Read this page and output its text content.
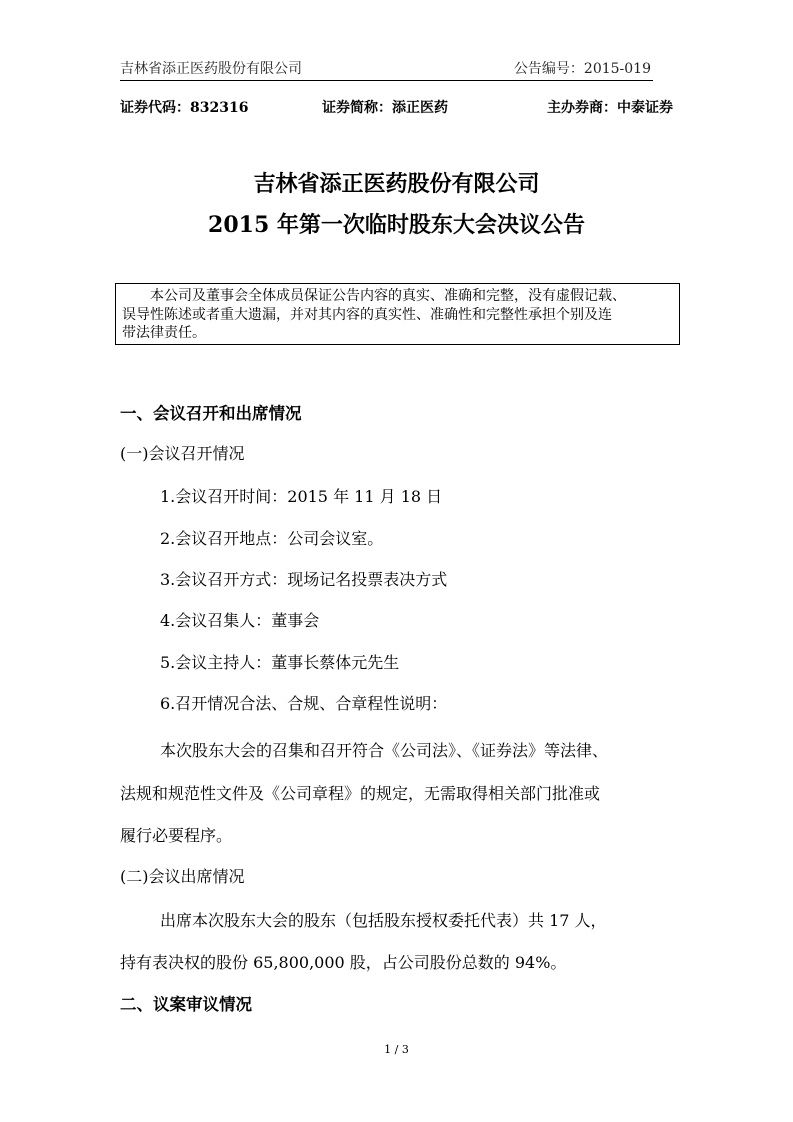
吉林省添正医药股份有限公司	公告编号：2015-019
证券代码：832316	证券简称：添正医药	主办券商：中泰证券
吉林省添正医药股份有限公司
2015 年第一次临时股东大会决议公告
　　本公司及董事会全体成员保证公告内容的真实、准确和完整，没有虚假记载、
误导性陈述或者重大遗漏，并对其内容的真实性、准确性和完整性承担个别及连
带法律责任。
一、会议召开和出席情况
(一)会议召开情况
1.会议召开时间：2015 年 11 月 18 日
2.会议召开地点：公司会议室。
3.会议召开方式：现场记名投票表决方式
4.会议召集人：董事会
5.会议主持人：董事长蔡体元先生
6.召开情况合法、合规、合章程性说明：
本次股东大会的召集和召开符合《公司法》、《证券法》等法律、
法规和规范性文件及《公司章程》的规定，无需取得相关部门批准或
履行必要程序。
(二)会议出席情况
出席本次股东大会的股东（包括股东授权委托代表）共 17 人，
持有表决权的股份 65,800,000 股，占公司股份总数的 94%。
二、议案审议情况
1 / 3
